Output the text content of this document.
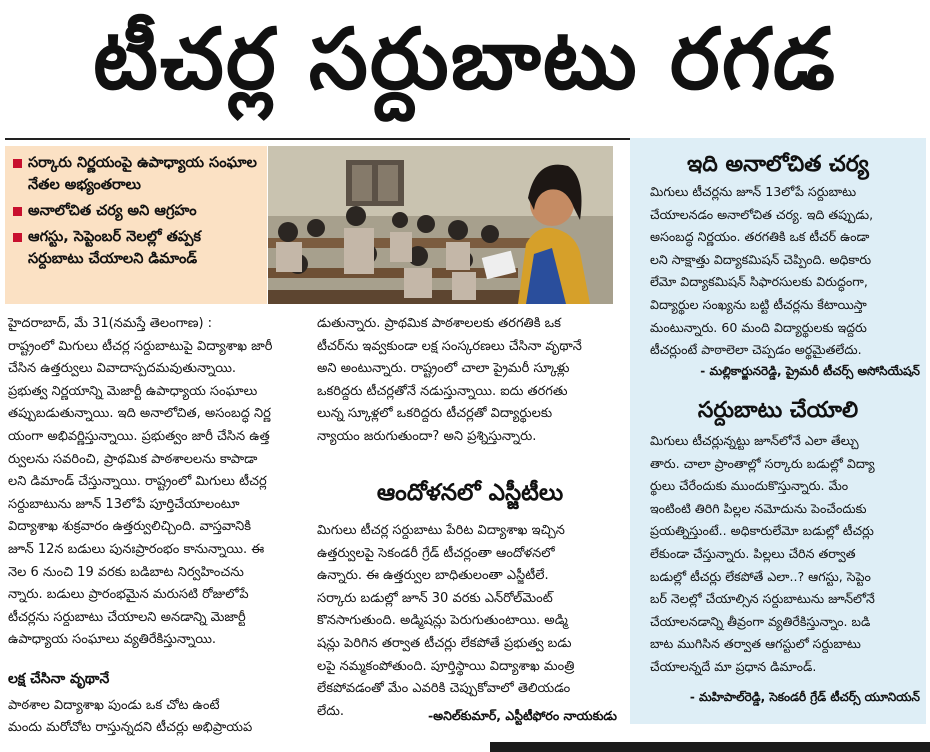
టీచర్ల సర్దుబాటు రగడ
సర్కారు నిర్ణయంపై ఉపాధ్యాయ సంఘాల నేతల అభ్యంతరాలు
అనాలోచిత చర్య అని ఆగ్రహం
ఆగస్టు, సెప్టెంబర్ నెలల్లో తప్పక సర్దుబాటు చేయాలని డిమాండ్

హైదరాబాద్, మే 31(నమస్తే తెలంగాణ) :

రాష్ట్రంలో మిగులు టీచర్ల సర్దుబాటుపై విద్యాశాఖ జారీ

చేసిన ఉత్తర్వులు వివాదాస్పదమవుతున్నాయి.

ప్రభుత్వ నిర్ణయాన్ని మెజార్టీ ఉపాధ్యాయ సంఘాలు

తప్పుబడుతున్నాయి. ఇది అనాలోచిత, అసంబద్ధ నిర్ణ

యంగా అభివర్ణిస్తున్నాయి. ప్రభుత్వం జారీ చేసిన ఉత్త

ర్వులను సవరించి, ప్రాథమిక పాఠశాలలను కాపాడా

లని డిమాండ్ చేస్తున్నాయి. రాష్ట్రంలో మిగులు టీచర్ల

సర్దుబాటును జూన్ 13లోపే పూర్తిచేయాలంటూ

విద్యాశాఖ శుక్రవారం ఉత్తర్వులిచ్చింది. వాస్తవానికి

జూన్ 12న బడులు పునఃప్రారంభం కానున్నాయి. ఈ

నెల 6 నుంచి 19 వరకు బడిబాట నిర్వహించను

న్నారు. బడులు ప్రారంభమైన మరుసటి రోజులోపే

టీచర్లను సర్దుబాటు చేయాలని అనడాన్ని మెజార్టీ

ఉపాధ్యాయ సంఘాలు వ్యతిరేకిస్తున్నాయి.

లక్ష చేసినా వృథానే

పాఠశాల విద్యాశాఖ పుండు ఒక చోట ఉంటే

మందు మరోచోట రాస్తున్నదని టీచర్లు అభిప్రాయప

డుతున్నారు. ప్రాథమిక పాఠశాలలకు తరగతికి ఒక

టీచర్‌ను ఇవ్వకుండా లక్ష సంస్కరణలు చేసినా వృథానే

అని అంటున్నారు. రాష్ట్రంలో చాలా ప్రైమరీ స్కూళ్లు

ఒకరిద్దరు టీచర్లతోనే నడుస్తున్నాయి. ఐదు తరగతు

లున్న స్కూళ్లలో ఒకరిద్దరు టీచర్లతో విద్యార్థులకు

న్యాయం జరుగుతుందా? అని ప్రశ్నిస్తున్నారు.

ఆందోళనలో ఎస్జీటీలు

మిగులు టీచర్ల సర్దుబాటు పేరిట విద్యాశాఖ ఇచ్చిన

ఉత్తర్వులపై సెకండరీ గ్రేడ్ టీచర్లంతా ఆందోళనలో

ఉన్నారు. ఈ ఉత్తర్వుల బాధితులంతా ఎస్జీటీలే.

సర్కారు బడుల్లో జూన్ 30 వరకు ఎన్‌రోల్‌మెంట్

కొనసాగుతుంది. అడ్మిషన్లు పెరుగుతుంటాయి. అడ్మి

షన్లు పెరిగిన తర్వాత టీచర్లు లేకపోతే ప్రభుత్వ బడు

లపై నమ్మకంపోతుంది. పూర్తిస్థాయి విద్యాశాఖ మంత్రి

లేకపోవడంతో మేం ఎవరికి చెప్పుకోవాలో తెలియడం

లేదు.	-అనిల్‌కుమార్, ఎస్టీటీఫోరం నాయకుడు
ఇది అనాలోచిత చర్య
మిగులు టీచర్లను జూన్ 13లోపే సర్దుబాటు
చేయాలనడం అనాలోచిత చర్య. ఇది తప్పుడు,
అసంబద్ధ నిర్ణయం. తరగతికి ఒక టీచర్ ఉండా
లని సాక్షాత్తు విద్యాకమిషన్ చెప్పింది. అధికారు
లేమో విద్యాకమిషన్ సిఫారసులకు విరుద్ధంగా,
విద్యార్థుల సంఖ్యను బట్టి టీచర్లను కేటాయిస్తా
మంటున్నారు. 60 మంది విద్యార్థులకు ఇద్దరు
టీచర్లుంటే పాఠాలెలా చెప్పడం అర్థమైతలేదు.
- మల్లికార్జునరెడ్డి, ప్రైమరీ టీచర్స్ అసోసియేషన్
సర్దుబాటు చేయాలి
మిగులు టీచర్లున్నట్టు జూన్‌లోనే ఎలా తేల్చు
తారు. చాలా ప్రాంతాల్లో సర్కారు బడుల్లో విద్యా
ర్థులు చేరేందుకు ముందుకొస్తున్నారు. మేం
ఇంటింటి తిరిగి పిల్లల నమోదును పెంచేందుకు
ప్రయత్నిస్తుంటే.. అధికారులేమో బడుల్లో టీచర్లు
లేకుండా చేస్తున్నారు. పిల్లలు చేరిన తర్వాత
బడుల్లో టీచర్లు లేకపోతే ఎలా..? ఆగస్టు, సెప్టెం
బర్ నెలల్లో చేయాల్సిన సర్దుబాటును జూన్‌లోనే
చేయాలనడాన్ని తీవ్రంగా వ్యతిరేకిస్తున్నాం. బడి
బాట ముగిసిన తర్వాత ఆగస్టులో సర్దుబాటు
చేయాలన్నదే మా ప్రధాన డిమాండ్.
- మహిపాల్‌రెడ్డి, సెకండరీ గ్రేడ్ టీచర్స్ యూనియన్
